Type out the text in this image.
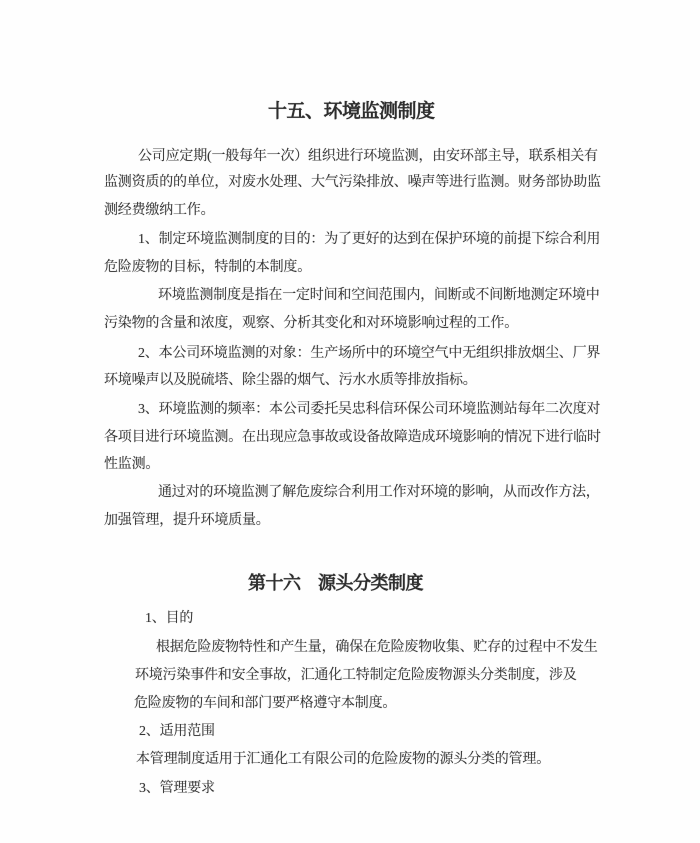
十五、环境监测制度
公司应定期(一般每年一次）组织进行环境监测，由安环部主导，联系相关有
监测资质的的单位，对废水处理、大气污染排放、噪声等进行监测。财务部协助监
测经费缴纳工作。
1、制定环境监测制度的目的：为了更好的达到在保护环境的前提下综合利用
危险废物的目标，特制的本制度。
环境监测制度是指在一定时间和空间范围内，间断或不间断地测定环境中
污染物的含量和浓度，观察、分析其变化和对环境影响过程的工作。
2、本公司环境监测的对象：生产场所中的环境空气中无组织排放烟尘、厂界
环境噪声以及脱硫塔、除尘器的烟气、污水水质等排放指标。
3、环境监测的频率：本公司委托吴忠科信环保公司环境监测站每年二次度对
各项目进行环境监测。在出现应急事故或设备故障造成环境影响的情况下进行临时
性监测。
通过对的环境监测了解危废综合利用工作对环境的影响，从而改作方法，
加强管理，提升环境质量。
第十六　源头分类制度
1、目的
根据危险废物特性和产生量，确保在危险废物收集、贮存的过程中不发生
环境污染事件和安全事故，汇通化工特制定危险废物源头分类制度，涉及
危险废物的车间和部门要严格遵守本制度。
2、适用范围
本管理制度适用于汇通化工有限公司的危险废物的源头分类的管理。
3、管理要求
